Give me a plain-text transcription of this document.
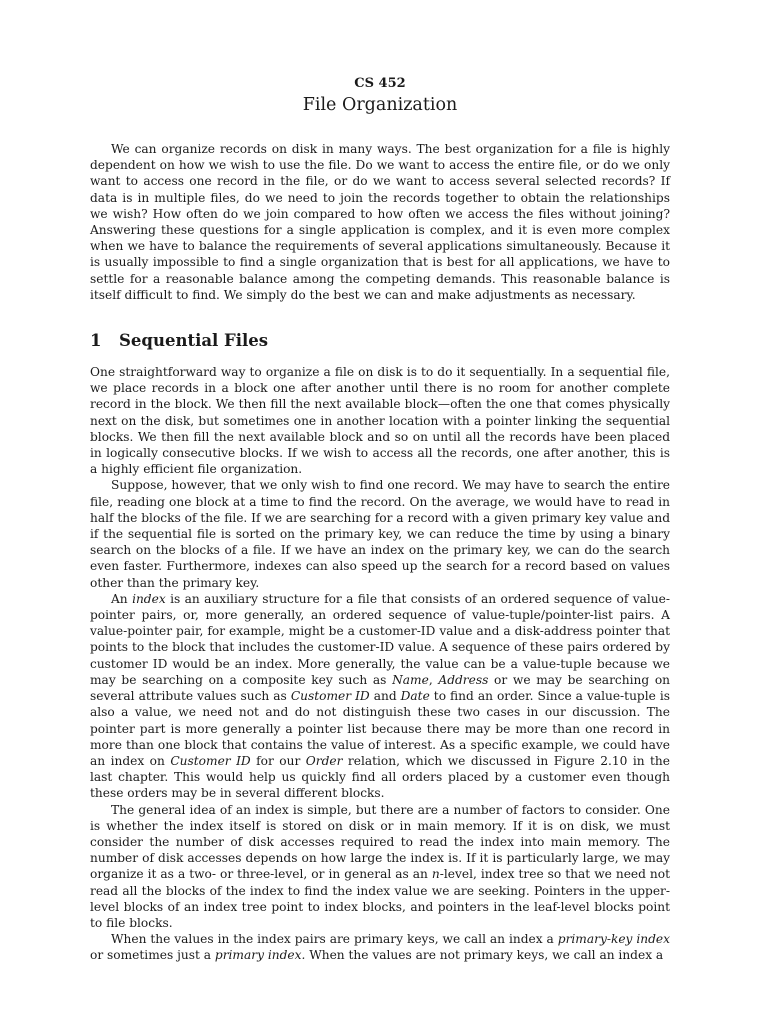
CS 452
File Organization

We can organize records on disk in many ways. The best organization for a file is highly dependent on how we wish to use the file. Do we want to access the entire file, or do we only want to access one record in the file, or do we want to access several selected records? If data is in multiple files, do we need to join the records together to obtain the relationships we wish? How often do we join compared to how often we access the files without joining? Answering these questions for a single application is complex, and it is even more complex when we have to balance the requirements of several applications simultaneously. Because it is usually impossible to find a single organization that is best for all applications, we have to settle for a reasonable balance among the competing demands. This reasonable balance is itself difficult to find. We simply do the best we can and make adjustments as necessary.

1 Sequential Files

One straightforward way to organize a file on disk is to do it sequentially. In a sequential file, we place records in a block one after another until there is no room for another complete record in the block. We then fill the next available block—often the one that comes physically next on the disk, but sometimes one in another location with a pointer linking the sequential blocks. We then fill the next available block and so on until all the records have been placed in logically consecutive blocks. If we wish to access all the records, one after another, this is a highly efficient file organization.

Suppose, however, that we only wish to find one record. We may have to search the entire file, reading one block at a time to find the record. On the average, we would have to read in half the blocks of the file. If we are searching for a record with a given primary key value and if the sequential file is sorted on the primary key, we can reduce the time by using a binary search on the blocks of a file. If we have an index on the primary key, we can do the search even faster. Furthermore, indexes can also speed up the search for a record based on values other than the primary key.

An index is an auxiliary structure for a file that consists of an ordered sequence of value-pointer pairs, or, more generally, an ordered sequence of value-tuple/pointer-list pairs. A value-pointer pair, for example, might be a customer-ID value and a disk-address pointer that points to the block that includes the customer-ID value. A sequence of these pairs ordered by customer ID would be an index. More generally, the value can be a value-tuple because we may be searching on a composite key such as Name, Address or we may be searching on several attribute values such as Customer ID and Date to find an order. Since a value-tuple is also a value, we need not and do not distinguish these two cases in our discussion. The pointer part is more generally a pointer list because there may be more than one record in more than one block that contains the value of interest. As a specific example, we could have an index on Customer ID for our Order relation, which we discussed in Figure 2.10 in the last chapter. This would help us quickly find all orders placed by a customer even though these orders may be in several different blocks.

The general idea of an index is simple, but there are a number of factors to consider. One is whether the index itself is stored on disk or in main memory. If it is on disk, we must consider the number of disk accesses required to read the index into main memory. The number of disk accesses depends on how large the index is. If it is particularly large, we may organize it as a two- or three-level, or in general as an n-level, index tree so that we need not read all the blocks of the index to find the index value we are seeking. Pointers in the upper-level blocks of an index tree point to index blocks, and pointers in the leaf-level blocks point to file blocks.

When the values in the index pairs are primary keys, we call an index a primary-key index or sometimes just a primary index. When the values are not primary keys, we call an index a
